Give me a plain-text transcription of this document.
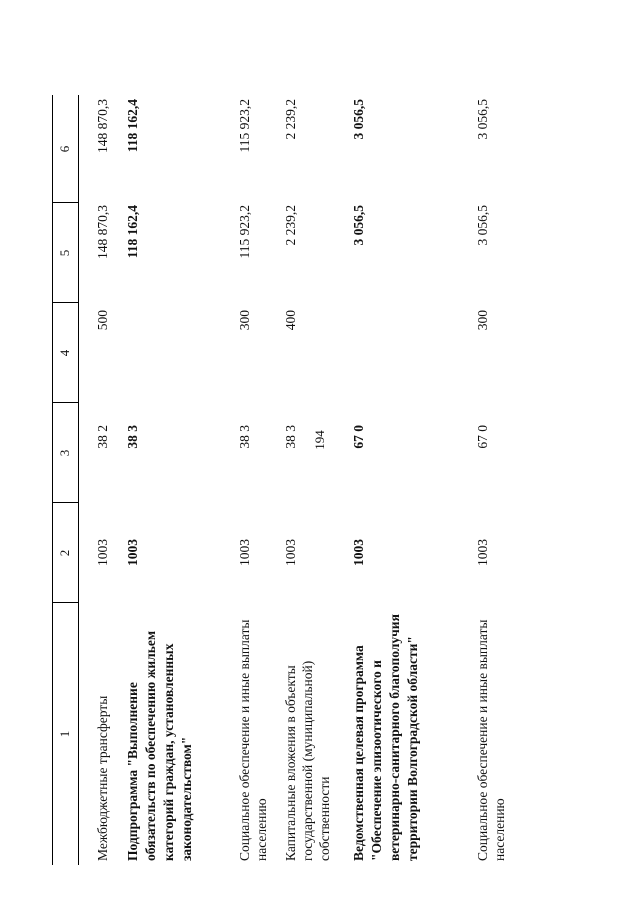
194
1
2
3
4
5
6
Межбюджетные трансферты
1003
38 2
500
148 870,3
148 870,3
Подпрограмма "Выполнение обязательств по обеспечению жильем категорий граждан, установленных законодательством"
1003
38 3
118 162,4
118 162,4
Социальное обеспечение и иные выплаты населению
1003
38 3
300
115 923,2
115 923,2
Капитальные вложения в объекты государственной (муниципальной) собственности
1003
38 3
400
2 239,2
2 239,2
Ведомственная целевая программа "Обеспечение эпизоотического и ветеринарно-санитарного благополучия территории Волгоградской области"
1003
67 0
3 056,5
3 056,5
Социальное обеспечение и иные выплаты населению
1003
67 0
300
3 056,5
3 056,5
